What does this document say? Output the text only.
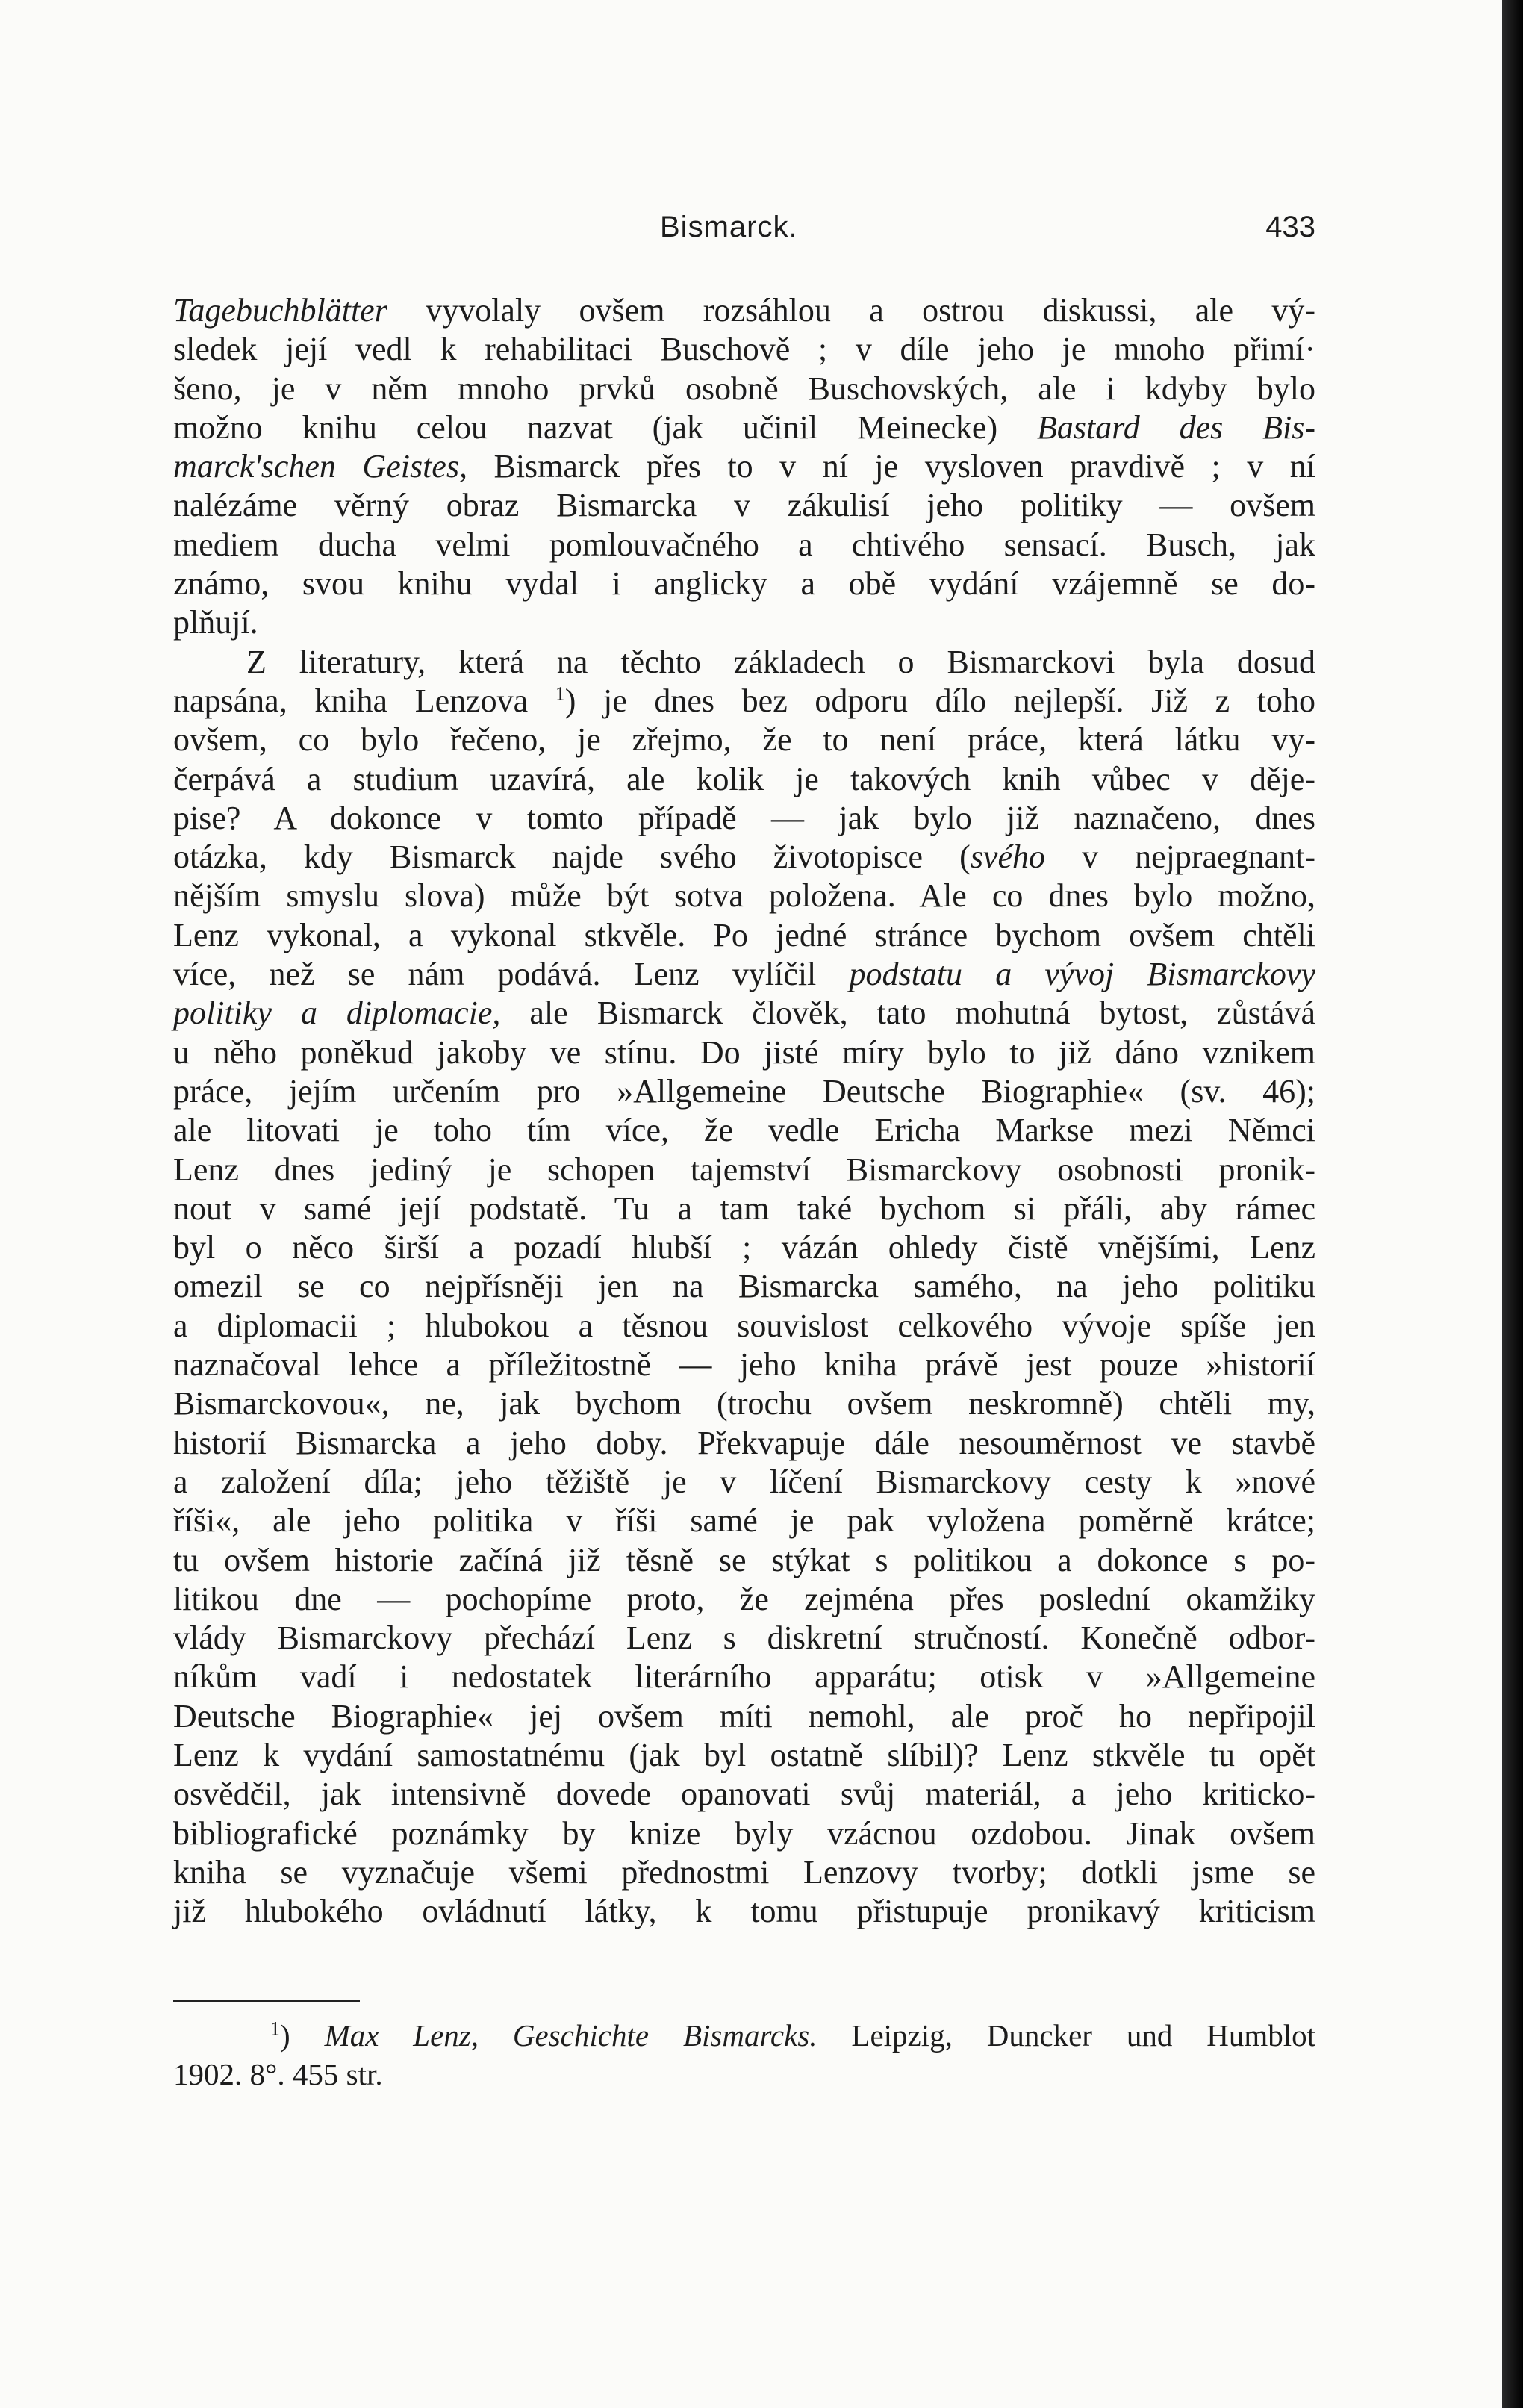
Bismarck.	433
Tagebuchblätter vyvolaly ovšem rozsáhlou a ostrou diskussi, ale vý-
sledek její vedl k rehabilitaci Buschově ; v díle jeho je mnoho přimí·
šeno, je v něm mnoho prvků osobně Buschovských, ale i kdyby bylo
možno knihu celou nazvat (jak učinil Meinecke) Bastard des Bis-
marck'schen Geistes, Bismarck přes to v ní je vysloven pravdivě ; v ní
nalézáme věrný obraz Bismarcka v zákulisí jeho politiky — ovšem
mediem ducha velmi pomlouvačného a chtivého sensací. Busch, jak
známo, svou knihu vydal i anglicky a obě vydání vzájemně se do-
plňují.
Z literatury, která na těchto základech o Bismarckovi byla dosud
napsána, kniha Lenzova $^1$) je dnes bez odporu dílo nejlepší. Již z toho
ovšem, co bylo řečeno, je zřejmo, že to není práce, která látku vy-
čerpává a studium uzavírá, ale kolik je takových knih vůbec v děje-
pise? A dokonce v tomto případě — jak bylo již naznačeno, dnes
otázka, kdy Bismarck najde svého životopisce (svého v nejpraegnant-
nějším smyslu slova) může být sotva položena. Ale co dnes bylo možno,
Lenz vykonal, a vykonal stkvěle. Po jedné stránce bychom ovšem chtěli
více, než se nám podává. Lenz vylíčil podstatu a vývoj Bismarckovy
politiky a diplomacie, ale Bismarck člověk, tato mohutná bytost, zůstává
u něho poněkud jakoby ve stínu. Do jisté míry bylo to již dáno vznikem
práce, jejím určením pro »Allgemeine Deutsche Biographie« (sv. 46);
ale litovati je toho tím více, že vedle Ericha Markse mezi Němci
Lenz dnes jediný je schopen tajemství Bismarckovy osobnosti pronik-
nout v samé její podstatě. Tu a tam také bychom si přáli, aby rámec
byl o něco širší a pozadí hlubší ; vázán ohledy čistě vnějšími, Lenz
omezil se co nejpřísněji jen na Bismarcka samého, na jeho politiku
a diplomacii ; hlubokou a těsnou souvislost celkového vývoje spíše jen
naznačoval lehce a příležitostně — jeho kniha právě jest pouze »historií
Bismarckovou«, ne, jak bychom (trochu ovšem neskromně) chtěli my,
historií Bismarcka a jeho doby. Překvapuje dále nesouměrnost ve stavbě
a založení díla; jeho těžiště je v líčení Bismarckovy cesty k »nové
říši«, ale jeho politika v říši samé je pak vyložena poměrně krátce;
tu ovšem historie začíná již těsně se stýkat s politikou a dokonce s po-
litikou dne — pochopíme proto, že zejména přes poslední okamžiky
vlády Bismarckovy přechází Lenz s diskretní stručností. Konečně odbor-
níkům vadí i nedostatek literárního apparátu; otisk v »Allgemeine
Deutsche Biographie« jej ovšem míti nemohl, ale proč ho nepřipojil
Lenz k vydání samostatnému (jak byl ostatně slíbil)? Lenz stkvěle tu opět
osvědčil, jak intensivně dovede opanovati svůj materiál, a jeho kriticko-
bibliografické poznámky by knize byly vzácnou ozdobou. Jinak ovšem
kniha se vyznačuje všemi přednostmi Lenzovy tvorby; dotkli jsme se
již hlubokého ovládnutí látky, k tomu přistupuje pronikavý kriticism
$^1$) Max Lenz, Geschichte Bismarcks. Leipzig, Duncker und Humblot
1902. 8°. 455 str.
